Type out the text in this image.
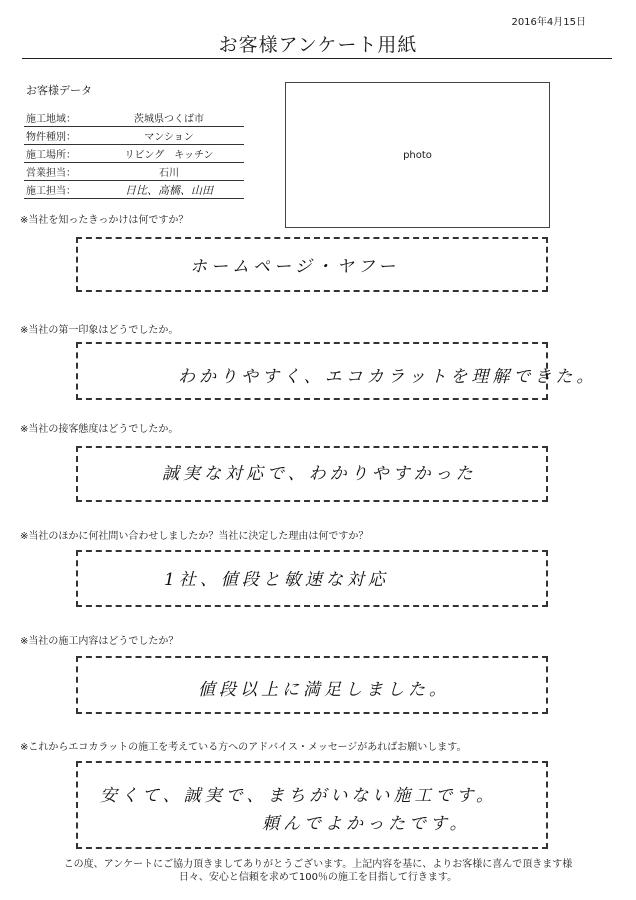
2016年4月15日
お客様アンケート用紙
お客様データ
施工地域：	茨城県つくば市
物件種別：	マンション
施工場所：	リビング　キッチン
営業担当：	石川
施工担当：	日比、高橋、山田
photo
※当社を知ったきっかけは何ですか？
ホームページ・ヤフー
※当社の第一印象はどうでしたか。
わかりやすく、エコカラットを理解できた。
※当社の接客態度はどうでしたか。
誠実な対応で、わかりやすかった
※当社のほかに何社問い合わせしましたか？当社に決定した理由は何ですか？
1社、値段と敏速な対応
※当社の施工内容はどうでしたか？
値段以上に満足しました。
※これからエコカラットの施工を考えている方へのアドバイス・メッセージがあればお願いします。
安くて、誠実で、まちがいない施工です。
頼んでよかったです。
この度、アンケートにご協力頂きましてありがとうございます。上記内容を基に、よりお客様に喜んで頂きます様
日々、安心と信頼を求めて100％の施工を目指して行きます。
